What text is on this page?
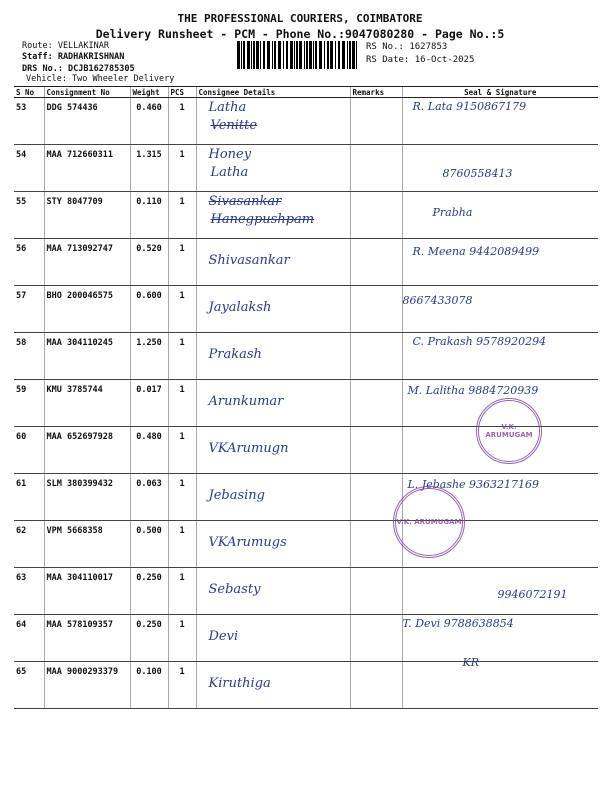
THE PROFESSIONAL COURIERS, COIMBATORE
Delivery Runsheet - PCM - Phone No.:9047080280 - Page No.:5
Route: VELLAKINAR
Staff: RADHAKRISHNAN
DRS No.: DCJB162785305
Vehicle: Two Wheeler Delivery
RS No.: 1627853
RS Date: 16-Oct-2025
S No	Consignment No	Weight	PCS	Consignee Details	Remarks	Seal & Signature
53	DDG 574436	0.460	1	Latha
Venitte		R. Lata 9150867179

54	MAA 712660311	1.315	1	Honey
Latha		8760558413

55	STY 8047709	0.110	1	Sivasankar
Hanegpushpam		Prabha

56	MAA 713092747	0.520	1	Shivasankar		R. Meena 9442089499

57	BHO 200046575	0.600	1	Jayalaksh		8667433078

58	MAA 304110245	1.250	1	Prakash		C. Prakash 9578920294

59	KMU 3785744	0.017	1	Arunkumar		M. Lalitha 9884720939

60	MAA 652697928	0.480	1	VKArumugn		

61	SLM 380399432	0.063	1	Jebasing		L. Jebashe 9363217169

62	VPM 5668358	0.500	1	VKArumugs		

63	MAA 304110017	0.250	1	Sebasty		9946072191

64	MAA 578109357	0.250	1	Devi		T. Devi 9788638854

65	MAA 9000293379	0.100	1	Kiruthiga		KR
V.K. ARUMUGAM
V.K. ARUMUGAM
